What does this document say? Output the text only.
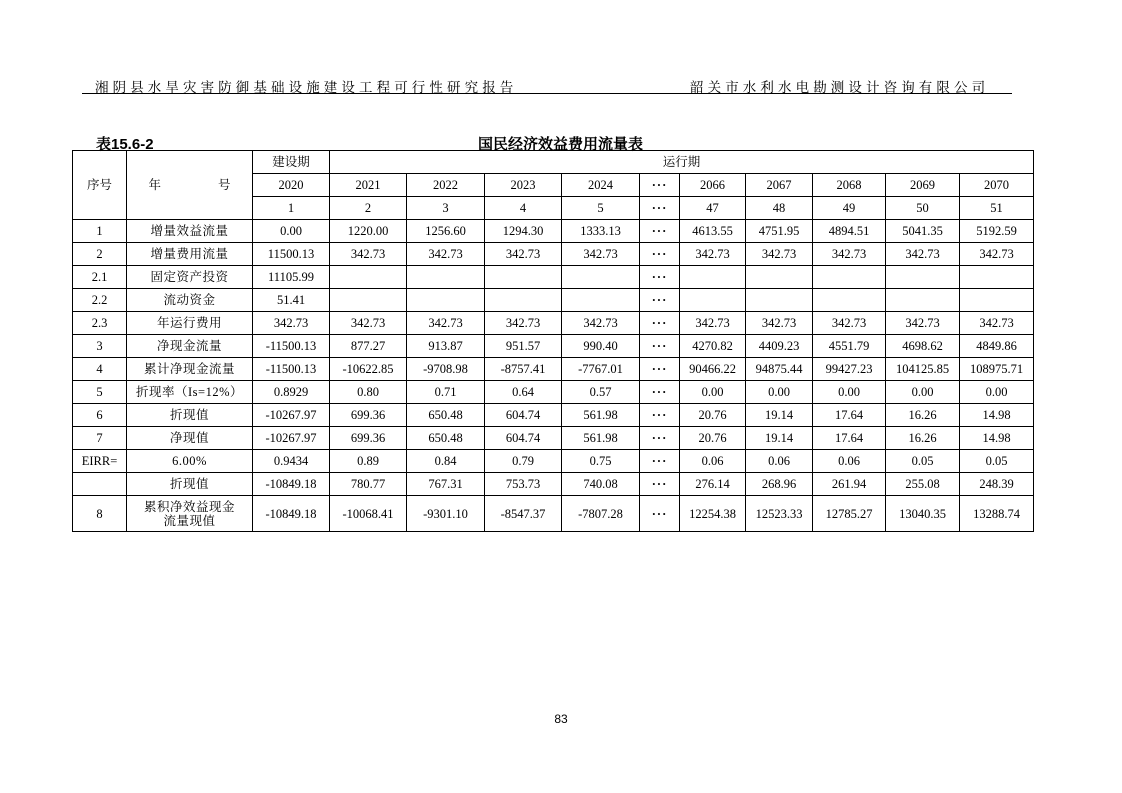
湘阴县水旱灾害防御基础设施建设工程可行性研究报告	韶关市水利水电勘测设计咨询有限公司
表15.6-2	国民经济效益费用流量表
序号	年 号	建设期	运行期									
		2020	2021	2022	2023	2024	···	2066	2067	2068	2069	2070
		1	2	3	4	5	···	47	48	49	50	51
1	增量效益流量	0.00	1220.00	1256.60	1294.30	1333.13	···	4613.55	4751.95	4894.51	5041.35	5192.59
2	增量费用流量	11500.13	342.73	342.73	342.73	342.73	···	342.73	342.73	342.73	342.73	342.73
2.1	固定资产投资	11105.99					···					
2.2	流动资金	51.41					···					
2.3	年运行费用	342.73	342.73	342.73	342.73	342.73	···	342.73	342.73	342.73	342.73	342.73
3	净现金流量	-11500.13	877.27	913.87	951.57	990.40	···	4270.82	4409.23	4551.79	4698.62	4849.86
4	累计净现金流量	-11500.13	-10622.85	-9708.98	-8757.41	-7767.01	···	90466.22	94875.44	99427.23	104125.85	108975.71
5	折现率（Is=12%）	0.8929	0.80	0.71	0.64	0.57	···	0.00	0.00	0.00	0.00	0.00
6	折现值	-10267.97	699.36	650.48	604.74	561.98	···	20.76	19.14	17.64	16.26	14.98
7	净现值	-10267.97	699.36	650.48	604.74	561.98	···	20.76	19.14	17.64	16.26	14.98
EIRR=	6.00%	0.9434	0.89	0.84	0.79	0.75	···	0.06	0.06	0.06	0.05	0.05
	折现值	-10849.18	780.77	767.31	753.73	740.08	···	276.14	268.96	261.94	255.08	248.39
8	累积净效益现金
流量现值	-10849.18	-10068.41	-9301.10	-8547.37	-7807.28	···	12254.38	12523.33	12785.27	13040.35	13288.74
83
